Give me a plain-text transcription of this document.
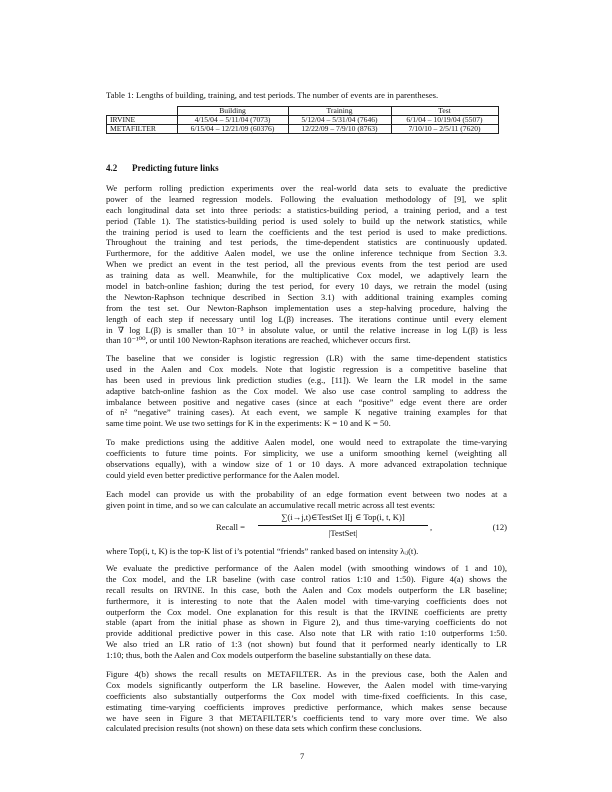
Table 1: Lengths of building, training, and test periods. The number of events are in parentheses.
	Building	Training	Test
IRVINE	4/15/04 – 5/11/04 (7073)	5/12/04 – 5/31/04 (7646)	6/1/04 – 10/19/04 (5507)
METAFILTER	6/15/04 – 12/21/09 (60376)	12/22/09 – 7/9/10 (8763)	7/10/10 – 2/5/11 (7620)
4.2 Predicting future links
We perform rolling prediction experiments over the real-world data sets to evaluate the predictive
power of the learned regression models. Following the evaluation methodology of [9], we split
each longitudinal data set into three periods: a statistics-building period, a training period, and a test
period (Table 1). The statistics-building period is used solely to build up the network statistics, while
the training period is used to learn the coefficients and the test period is used to make predictions.
Throughout the training and test periods, the time-dependent statistics are continuously updated.
Furthermore, for the additive Aalen model, we use the online inference technique from Section 3.3.
When we predict an event in the test period, all the previous events from the test period are used
as training data as well. Meanwhile, for the multiplicative Cox model, we adaptively learn the
model in batch-online fashion; during the test period, for every 10 days, we retrain the model (using
the Newton-Raphson technique described in Section 3.1) with additional training examples coming
from the test set. Our Newton-Raphson implementation uses a step-halving procedure, halving the
length of each step if necessary until log L(β) increases. The iterations continue until every element
in ∇ log L(β) is smaller than 10⁻³ in absolute value, or until the relative increase in log L(β) is less
than 10⁻¹⁰⁰, or until 100 Newton-Raphson iterations are reached, whichever occurs first.
The baseline that we consider is logistic regression (LR) with the same time-dependent statistics
used in the Aalen and Cox models. Note that logistic regression is a competitive baseline that
has been used in previous link prediction studies (e.g., [11]). We learn the LR model in the same
adaptive batch-online fashion as the Cox model. We also use case control sampling to address the
imbalance between positive and negative cases (since at each “positive” edge event there are order
of n² “negative” training cases). At each event, we sample K negative training examples for that
same time point. We use two settings for K in the experiments: K = 10 and K = 50.
To make predictions using the additive Aalen model, one would need to extrapolate the time-varying
coefficients to future time points. For simplicity, we use a uniform smoothing kernel (weighting all
observations equally), with a window size of 1 or 10 days. A more advanced extrapolation technique
could yield even better predictive performance for the Aalen model.
Each model can provide us with the probability of an edge formation event between two nodes at a
given point in time, and so we can calculate an accumulative recall metric across all test events:
Recall =
∑(i→j,t)∈TestSet I[j ∈ Top(i, t, K)]
|TestSet|
,	(12)
where Top(i, t, K) is the top-K list of i’s potential “friends” ranked based on intensity λᵢⱼ(t).
We evaluate the predictive performance of the Aalen model (with smoothing windows of 1 and 10),
the Cox model, and the LR baseline (with case control ratios 1:10 and 1:50). Figure 4(a) shows the
recall results on IRVINE. In this case, both the Aalen and Cox models outperform the LR baseline;
furthermore, it is interesting to note that the Aalen model with time-varying coefficients does not
outperform the Cox model. One explanation for this result is that the IRVINE coefficients are pretty
stable (apart from the initial phase as shown in Figure 2), and thus time-varying coefficients do not
provide additional predictive power in this case. Also note that LR with ratio 1:10 outperforms 1:50.
We also tried an LR ratio of 1:3 (not shown) but found that it performed nearly identically to LR
1:10; thus, both the Aalen and Cox models outperform the baseline substantially on these data.
Figure 4(b) shows the recall results on METAFILTER. As in the previous case, both the Aalen and
Cox models significantly outperform the LR baseline. However, the Aalen model with time-varying
coefficients also substantially outperforms the Cox model with time-fixed coefficients. In this case,
estimating time-varying coefficients improves predictive performance, which makes sense because
we have seen in Figure 3 that METAFILTER’s coefficients tend to vary more over time. We also
calculated precision results (not shown) on these data sets which confirm these conclusions.
7
